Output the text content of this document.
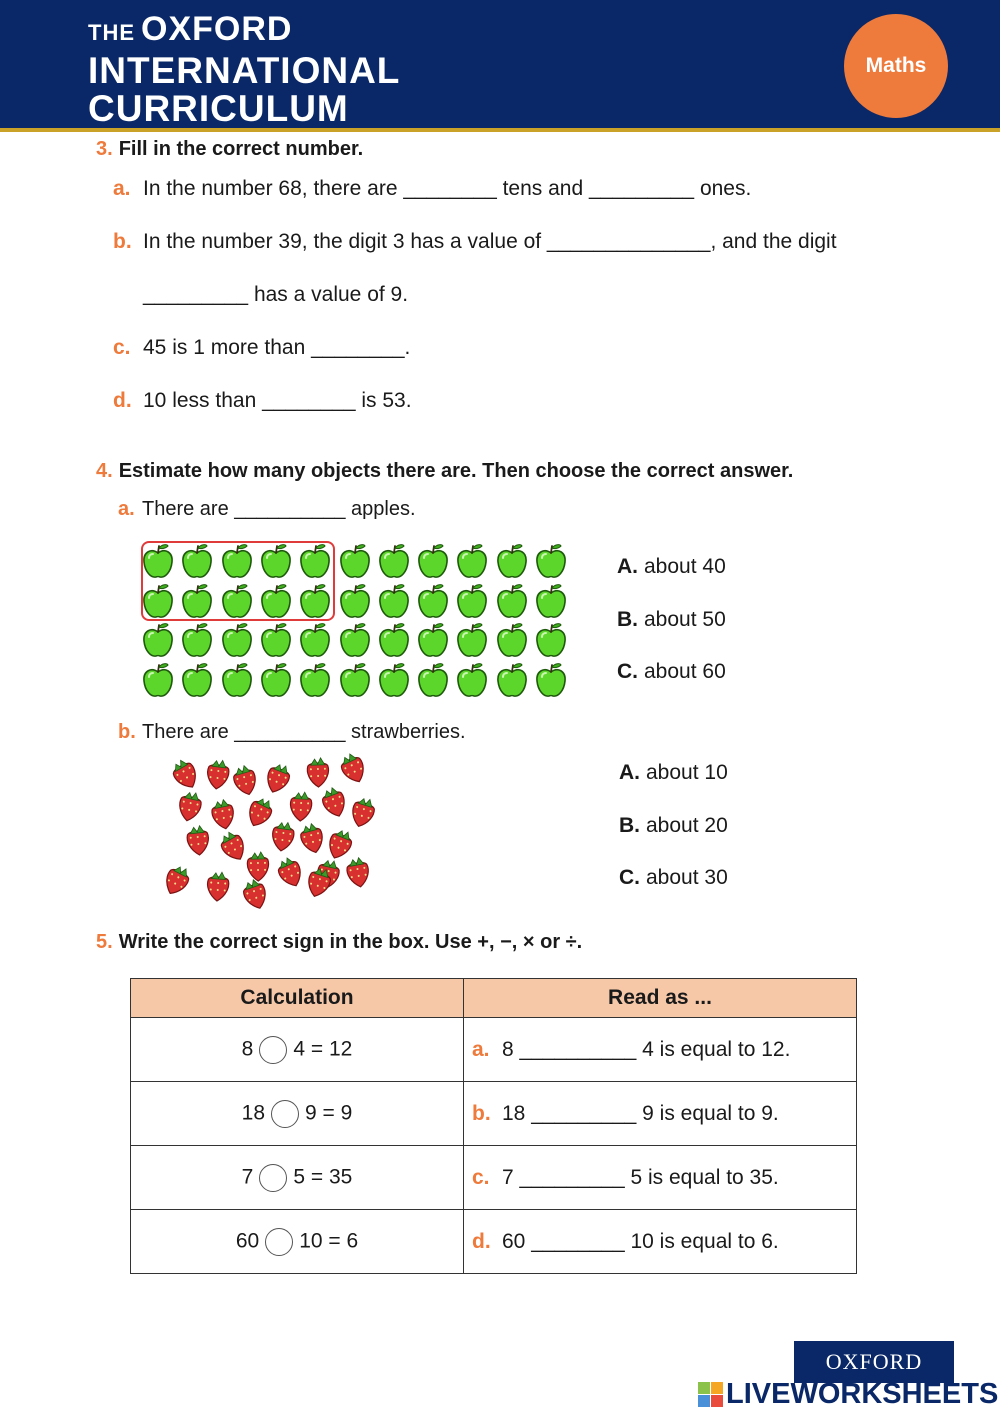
THE OXFORD
INTERNATIONAL
CURRICULUM
Maths
3. Fill in the correct number.
a. In the number 68, there are ________ tens and _________ ones.
b. In the number 39, the digit 3 has a value of ______________, and the digit
_________ has a value of 9.
c. 45 is 1 more than ________.
d. 10 less than ________ is 53.
4. Estimate how many objects there are. Then choose the correct answer.
a. There are __________ apples.
A. about 40
B. about 50
C. about 60
b. There are __________ strawberries.
A. about 10
B. about 20
C. about 30
5. Write the correct sign in the box. Use +, −, × or ÷.
Calculation	Read as ...
8 4 = 12	a. 8 __________ 4 is equal to 12.
18 9 = 9	b. 18 _________ 9 is equal to 9.
7 5 = 35	c. 7 _________ 5 is equal to 35.
60 10 = 6	d. 60 ________ 10 is equal to 6.
OXFORD
LIVEWORKSHEETS
